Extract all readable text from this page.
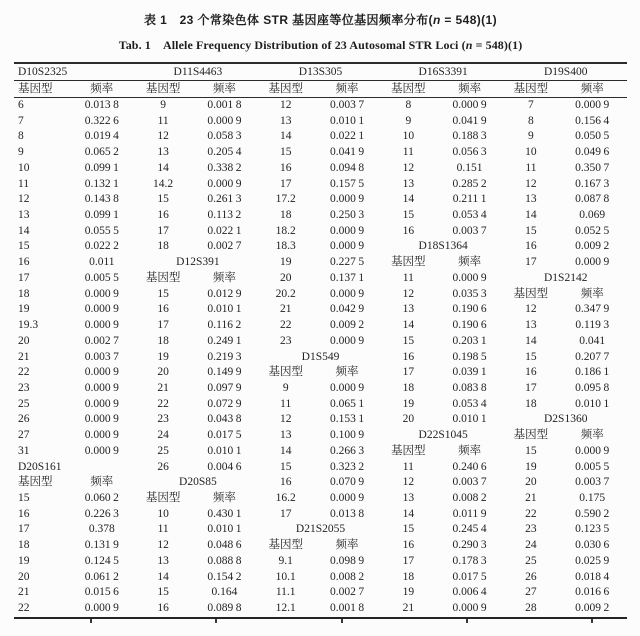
表 1　23 个常染色体 STR 基因座等位基因频率分布(n = 548)(1)

Tab. 1　Allele Frequency Distribution of 23 Autosomal STR Loci (n = 548)(1)

D10S2325		D11S4463		D13S305		D16S3391		D19S400	
基因型	频率	基因型	频率	基因型	频率	基因型	频率	基因型	频率
6	0.013 8	9	0.001 8	12	0.003 7	8	0.000 9	7	0.000 9
7	0.322 6	11	0.000 9	13	0.010 1	9	0.041 9	8	0.156 4
8	0.019 4	12	0.058 3	14	0.022 1	10	0.188 3	9	0.050 5
9	0.065 2	13	0.205 4	15	0.041 9	11	0.056 3	10	0.049 6
10	0.099 1	14	0.338 2	16	0.094 8	12	0.151	11	0.350 7
11	0.132 1	14.2	0.000 9	17	0.157 5	13	0.285 2	12	0.167 3
12	0.143 8	15	0.261 3	17.2	0.000 9	14	0.211 1	13	0.087 8
13	0.099 1	16	0.113 2	18	0.250 3	15	0.053 4	14	0.069
14	0.055 5	17	0.022 1	18.2	0.000 9	16	0.003 7	15	0.052 5
15	0.022 2	18	0.002 7	18.3	0.000 9	D18S1364		16	0.009 2
16	0.011	D12S391		19	0.227 5	基因型	频率	17	0.000 9
17	0.005 5	基因型	频率	20	0.137 1	11	0.000 9	D1S2142	
18	0.000 9	15	0.012 9	20.2	0.000 9	12	0.035 3	基因型	频率
19	0.000 9	16	0.010 1	21	0.042 9	13	0.190 6	12	0.347 9
19.3	0.000 9	17	0.116 2	22	0.009 2	14	0.190 6	13	0.119 3
20	0.002 7	18	0.249 1	23	0.000 9	15	0.203 1	14	0.041
21	0.003 7	19	0.219 3	D1S549		16	0.198 5	15	0.207 7
22	0.000 9	20	0.149 9	基因型	频率	17	0.039 1	16	0.186 1
23	0.000 9	21	0.097 9	9	0.000 9	18	0.083 8	17	0.095 8
25	0.000 9	22	0.072 9	11	0.065 1	19	0.053 4	18	0.010 1
26	0.000 9	23	0.043 8	12	0.153 1	20	0.010 1	D2S1360	
27	0.000 9	24	0.017 5	13	0.100 9	D22S1045		基因型	频率
31	0.000 9	25	0.010 1	14	0.266 3	基因型	频率	15	0.000 9
D20S161		26	0.004 6	15	0.323 2	11	0.240 6	19	0.005 5
基因型	频率	D20S85		16	0.070 9	12	0.003 7	20	0.003 7
15	0.060 2	基因型	频率	16.2	0.000 9	13	0.008 2	21	0.175
16	0.226 3	10	0.430 1	17	0.013 8	14	0.011 9	22	0.590 2
17	0.378	11	0.010 1	D21S2055		15	0.245 4	23	0.123 5
18	0.131 9	12	0.048 6	基因型	频率	16	0.290 3	24	0.030 6
19	0.124 5	13	0.088 8	9.1	0.098 9	17	0.178 3	25	0.025 9
20	0.061 2	14	0.154 2	10.1	0.008 2	18	0.017 5	26	0.018 4
21	0.015 6	15	0.164	11.1	0.002 7	19	0.006 4	27	0.016 6
22	0.000 9	16	0.089 8	12.1	0.001 8	21	0.000 9	28	0.009 2
